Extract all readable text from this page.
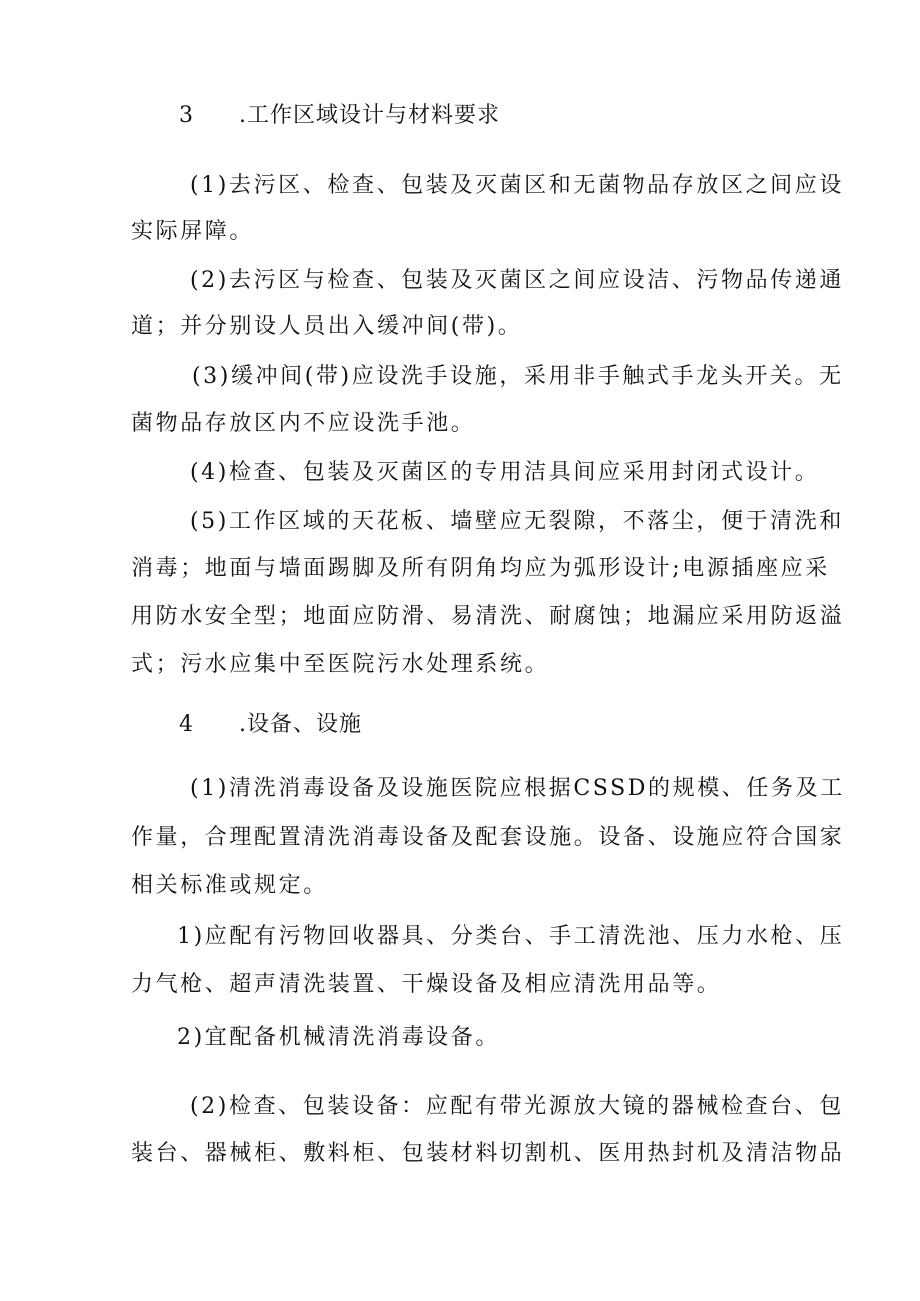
3 .工作区域设计与材料要求
(1)去污区、检查、包装及灭菌区和无菌物品存放区之间应设
实际屏障。
(2)去污区与检查、包装及灭菌区之间应设洁、污物品传递通
道；并分别设人员出入缓冲间(带)。
(3)缓冲间(带)应设洗手设施，采用非手触式手龙头开关。无
菌物品存放区内不应设洗手池。
(4)检查、包装及灭菌区的专用洁具间应采用封闭式设计。
(5)工作区域的天花板、墙壁应无裂隙，不落尘，便于清洗和
消毒；地面与墙面踢脚及所有阴角均应为弧形设计;电源插座应采
用防水安全型；地面应防滑、易清洗、耐腐蚀；地漏应采用防返溢
式；污水应集中至医院污水处理系统。
4 .设备、设施
(1)清洗消毒设备及设施医院应根据CSSD的规模、任务及工
作量，合理配置清洗消毒设备及配套设施。设备、设施应符合国家
相关标准或规定。
1)应配有污物回收器具、分类台、手工清洗池、压力水枪、压
力气枪、超声清洗装置、干燥设备及相应清洗用品等。
2)宜配备机械清洗消毒设备。
(2)检查、包装设备：应配有带光源放大镜的器械检查台、包
装台、器械柜、敷料柜、包装材料切割机、医用热封机及清洁物品
